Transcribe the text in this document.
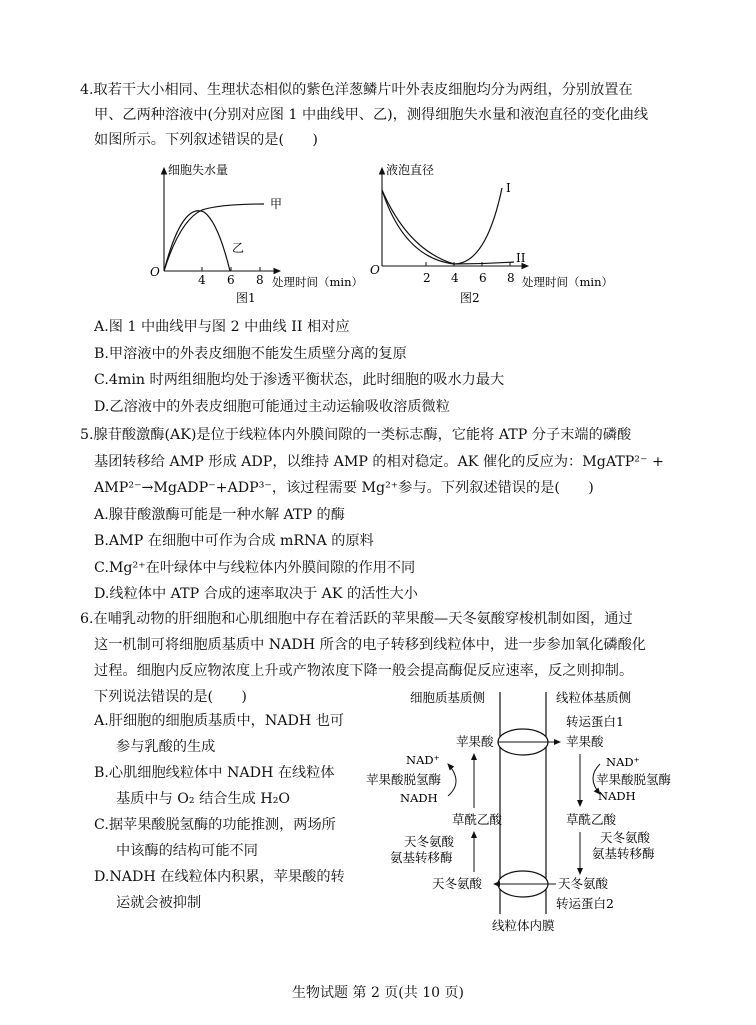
4.取若干大小相同、生理状态相似的紫色洋葱鳞片叶外表皮细胞均分为两组，分别放置在
甲、乙两种溶液中(分别对应图 1 中曲线甲、乙)，测得细胞失水量和液泡直径的变化曲线
如图所示。下列叙述错误的是(　　)
细胞失水量
O
4 6 8 处理时间（min）
甲
乙
图1
液泡直径
O
2 4 6 8 处理时间（min）
I
II
图2
A.图 1 中曲线甲与图 2 中曲线 II 相对应
B.甲溶液中的外表皮细胞不能发生质壁分离的复原
C.4min 时两组细胞均处于渗透平衡状态，此时细胞的吸水力最大
D.乙溶液中的外表皮细胞可能通过主动运输吸收溶质微粒
5.腺苷酸激酶(AK)是位于线粒体内外膜间隙的一类标志酶，它能将 ATP 分子末端的磷酸
基团转移给 AMP 形成 ADP，以维持 AMP 的相对稳定。AK 催化的反应为：MgATP²⁻ +
AMP²⁻→MgADP⁻+ADP³⁻，该过程需要 Mg²⁺参与。下列叙述错误的是(　　)
A.腺苷酸激酶可能是一种水解 ATP 的酶
B.AMP 在细胞中可作为合成 mRNA 的原料
C.Mg²⁺在叶绿体中与线粒体内外膜间隙的作用不同
D.线粒体中 ATP 合成的速率取决于 AK 的活性大小
6.在哺乳动物的肝细胞和心肌细胞中存在着活跃的苹果酸—天冬氨酸穿梭机制如图，通过
这一机制可将细胞质基质中 NADH 所含的电子转移到线粒体中，进一步参加氧化磷酸化
过程。细胞内反应物浓度上升或产物浓度下降一般会提高酶促反应速率，反之则抑制。
下列说法错误的是(　　)
A.肝细胞的细胞质基质中，NADH 也可
参与乳酸的生成
B.心肌细胞线粒体中 NADH 在线粒体
基质中与 O₂ 结合生成 H₂O
C.据苹果酸脱氢酶的功能推测，两场所
中该酶的结构可能不同
D.NADH 在线粒体内积累，苹果酸的转
运就会被抑制
线粒体内膜
细胞质基质侧	线粒体基质侧
转运蛋白1
苹果酸	苹果酸
NAD⁺
苹果酸脱氢酶
NADH
草酰乙酸
天冬氨酸
氨基转移酶
NAD⁺
苹果酸脱氢酶
NADH
草酰乙酸
天冬氨酸
氨基转移酶
天冬氨酸	天冬氨酸
转运蛋白2
生物试题 第 2 页(共 10 页)
